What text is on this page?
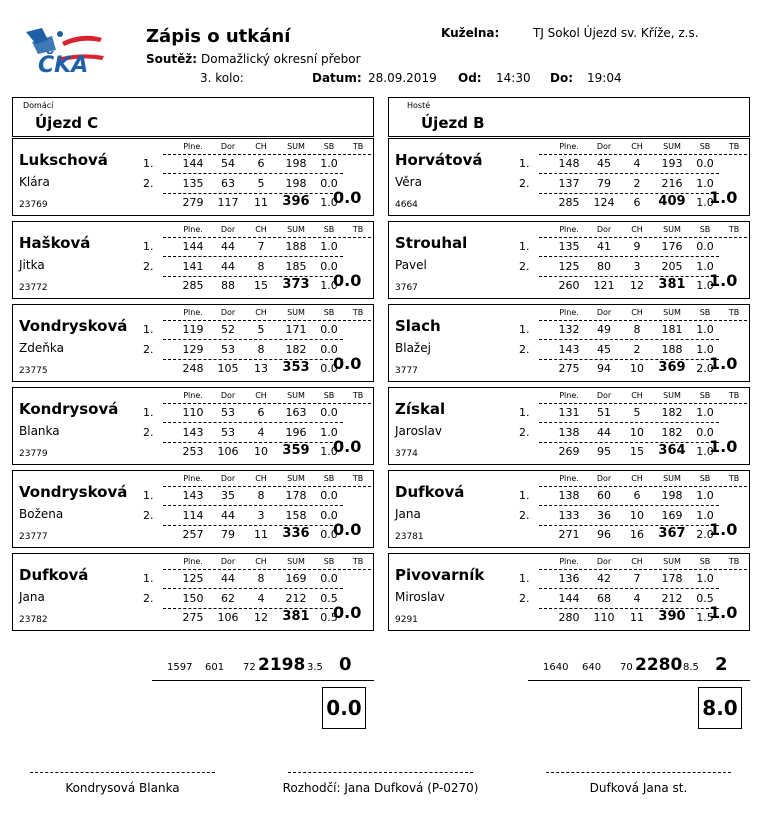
ČKA
Zápis o utkání
Soutěž: Domažlický okresní přebor
3. kolo:	Datum: 28.09.2019 Od: 14:30 Do: 19:04
Kuželna:	TJ Sokol Újezd sv. Kříže, z.s.
Domácí
Újezd C
Hosté
Újezd B
Lukschová
Klára
23769
Plne.	Dor	CH	SUM	SB	TB
1.
2.
144	54	6	198	1.0
135	63	5	198	0.0
279	117	11	396 1.0
0.0
Hašková
Jitka
23772
Plne.	Dor	CH	SUM	SB	TB
1.
2.
144	44	7	188	1.0
141	44	8	185	0.0
285	88	15	373 1.0
0.0
Vondrysková
Zdeňka
23775
Plne.	Dor	CH	SUM	SB	TB
1.
2.
119	52	5	171	0.0
129	53	8	182	0.0
248	105	13	353 0.0
0.0
Kondrysová
Blanka
23779
Plne.	Dor	CH	SUM	SB	TB
1.
2.
110	53	6	163	0.0
143	53	4	196	1.0
253	106	10	359 1.0
0.0
Vondrysková
Božena
23777
Plne.	Dor	CH	SUM	SB	TB
1.
2.
143	35	8	178	0.0
114	44	3	158	0.0
257	79	11	336 0.0
0.0
Dufková
Jana
23782
Plne.	Dor	CH	SUM	SB	TB
1.
2.
125	44	8	169	0.0
150	62	4	212	0.5
275	106	12	381 0.5
0.0
Horvátová
Věra
4664
Plne.	Dor	CH	SUM	SB	TB
1.
2.
148	45	4	193	0.0
137	79	2	216	1.0
285	124	6	409 1.0
1.0
Strouhal
Pavel
3767
Plne.	Dor	CH	SUM	SB	TB
1.
2.
135	41	9	176	0.0
125	80	3	205	1.0
260	121	12	381 1.0
1.0
Slach
Blažej
3777
Plne.	Dor	CH	SUM	SB	TB
1.
2.
132	49	8	181	1.0
143	45	2	188	1.0
275	94	10	369 2.0
1.0
Získal
Jaroslav
3774
Plne.	Dor	CH	SUM	SB	TB
1.
2.
131	51	5	182	1.0
138	44	10	182	0.0
269	95	15	364 1.0
1.0
Dufková
Jana
23781
Plne.	Dor	CH	SUM	SB	TB
1.
2.
138	60	6	198	1.0
133	36	10	169	1.0
271	96	16	367 2.0
1.0
Pivovarník
Miroslav
9291
Plne.	Dor	CH	SUM	SB	TB
1.
2.
136	42	7	178	1.0
144	68	4	212	0.5
280	110	11	390 1.5
1.0
1597 601 72 2198 3.5 0
0.0
1640 640 70 2280 8.5 2
8.0
Kondrysová Blanka	Rozhodčí: Jana Dufková (P-0270)	Dufková Jana st.
